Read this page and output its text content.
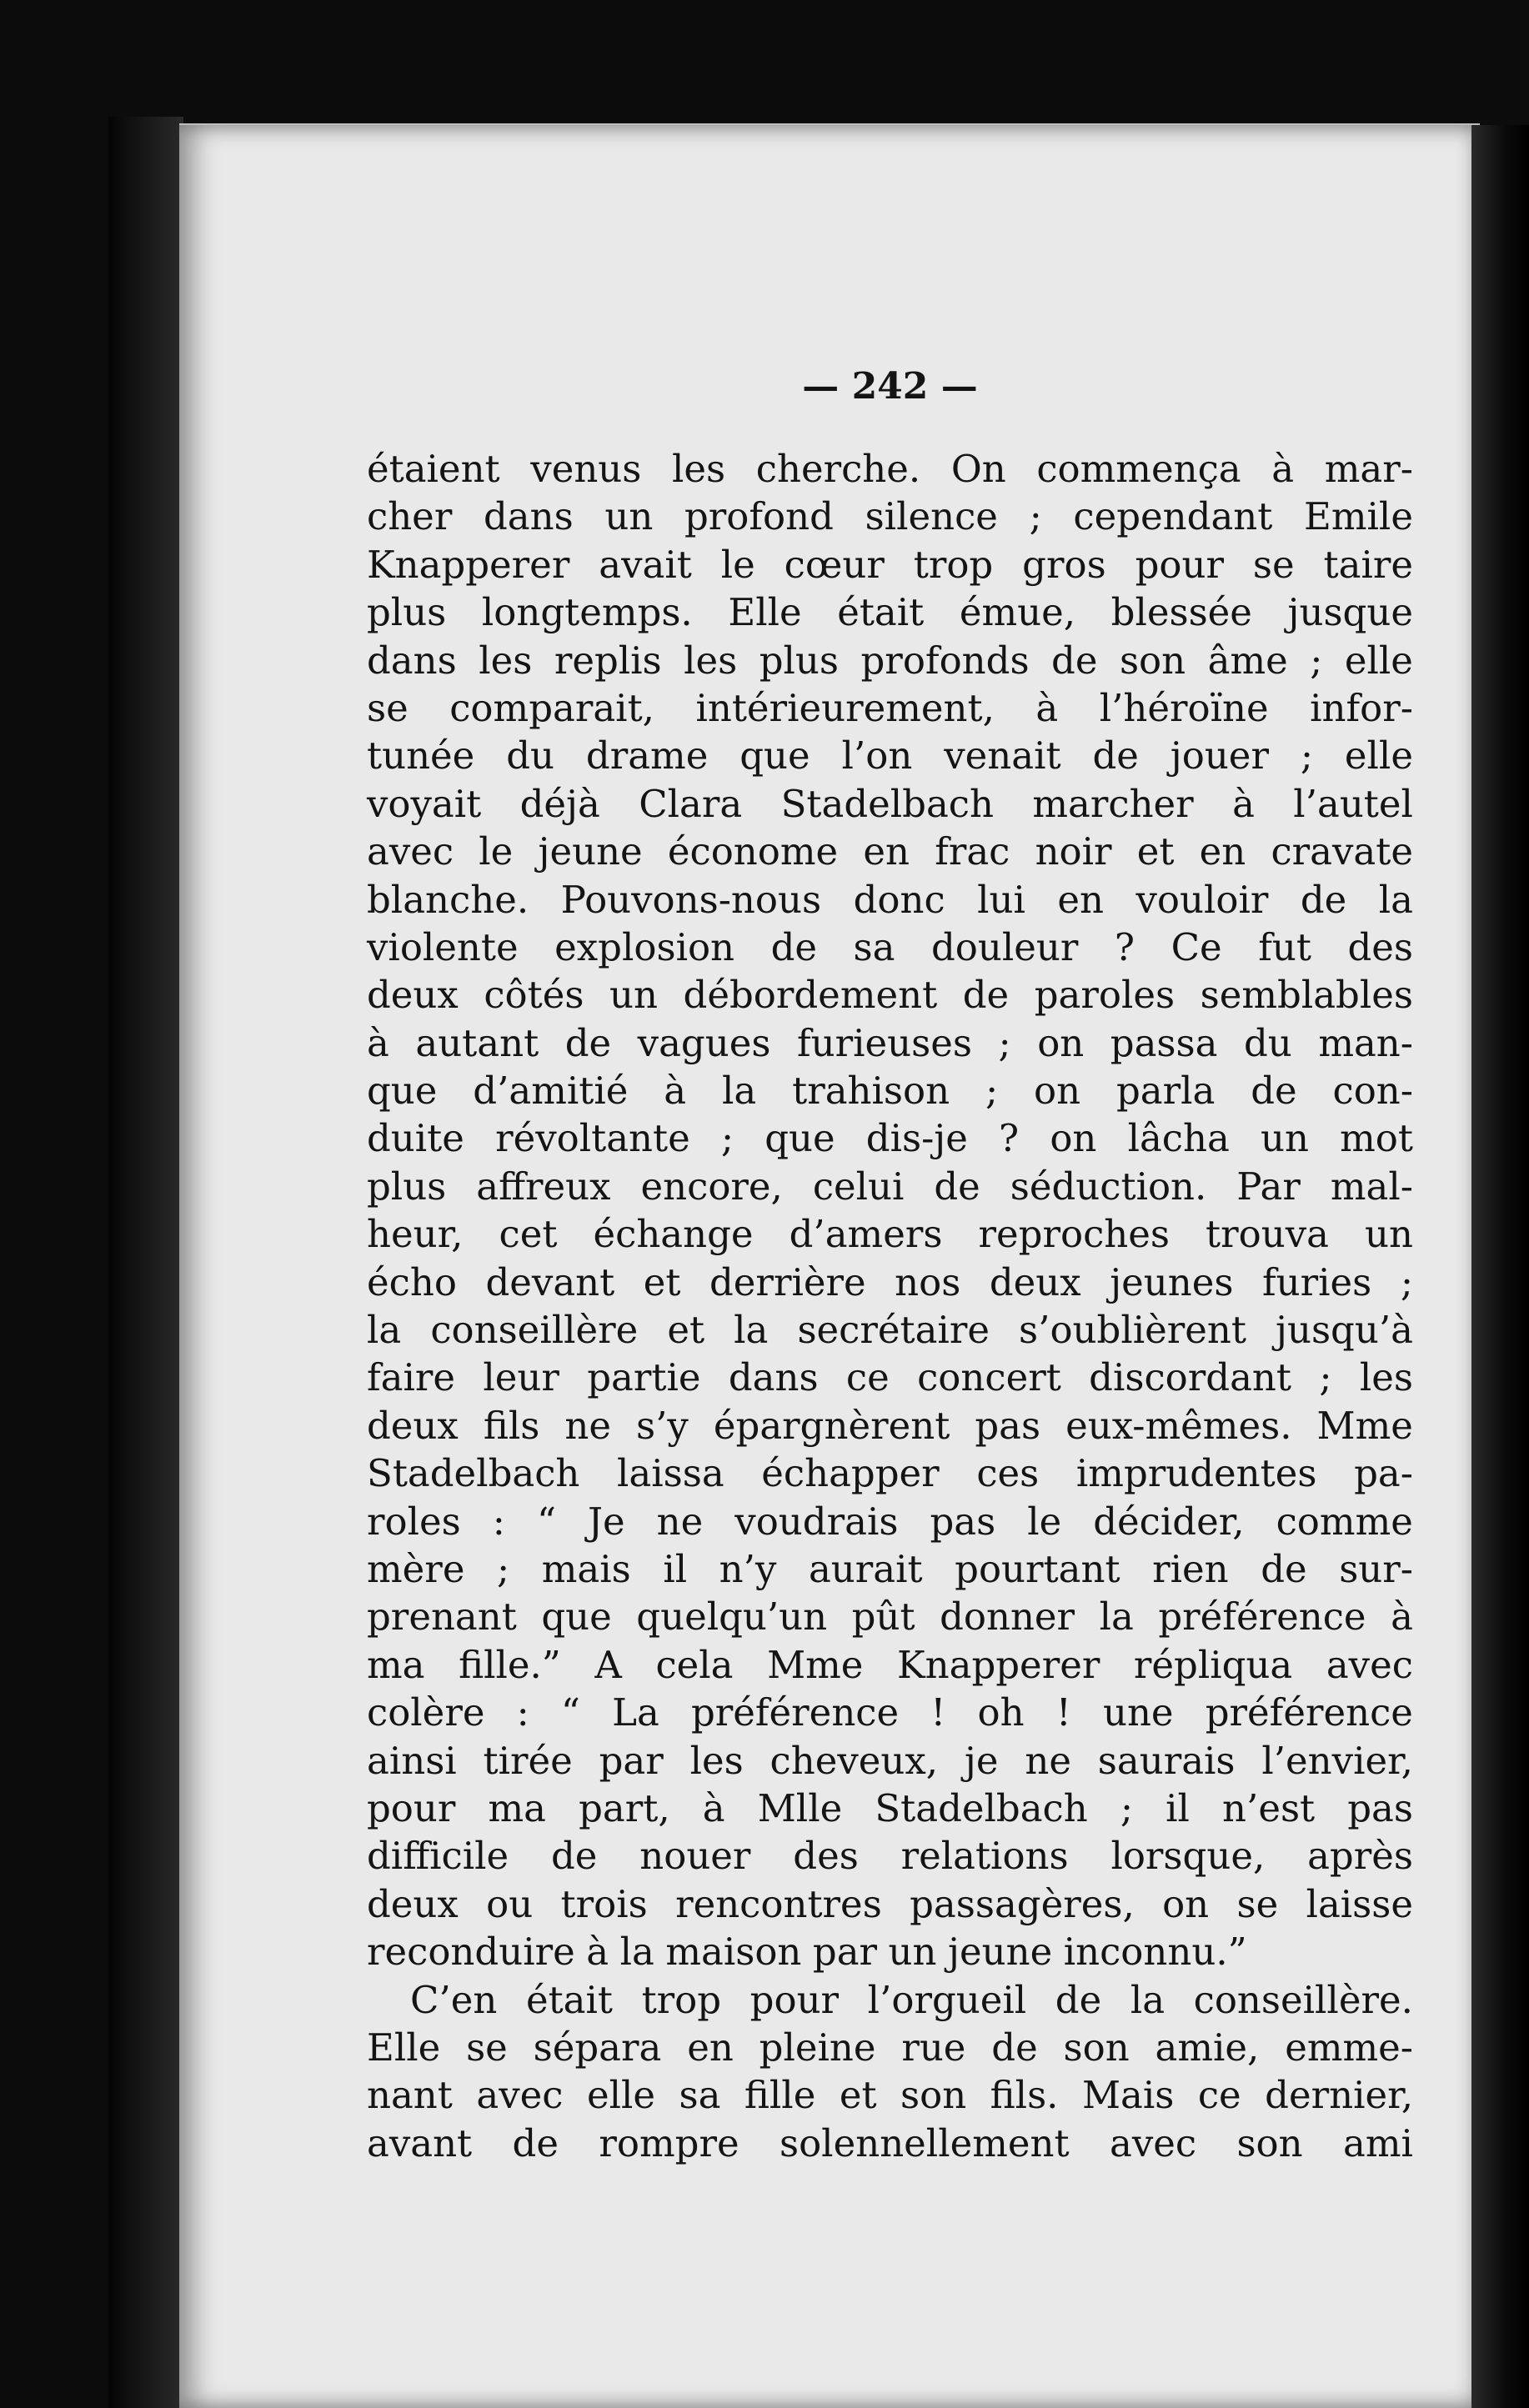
— 242 —
étaient venus les cherche. On commença à mar-
cher dans un profond silence ; cependant Emile
Knapperer avait le cœur trop gros pour se taire
plus longtemps. Elle était émue, blessée jusque
dans les replis les plus profonds de son âme ; elle
se comparait, intérieurement, à l’héroïne infor-
tunée du drame que l’on venait de jouer ; elle
voyait déjà Clara Stadelbach marcher à l’autel
avec le jeune économe en frac noir et en cravate
blanche. Pouvons-nous donc lui en vouloir de la
violente explosion de sa douleur ? Ce fut des
deux côtés un débordement de paroles semblables
à autant de vagues furieuses ; on passa du man-
que d’amitié à la trahison ; on parla de con-
duite révoltante ; que dis-je ? on lâcha un mot
plus affreux encore, celui de séduction. Par mal-
heur, cet échange d’amers reproches trouva un
écho devant et derrière nos deux jeunes furies ;
la conseillère et la secrétaire s’oublièrent jusqu’à
faire leur partie dans ce concert discordant ; les
deux fils ne s’y épargnèrent pas eux-mêmes. Mme
Stadelbach laissa échapper ces imprudentes pa-
roles : “ Je ne voudrais pas le décider, comme
mère ; mais il n’y aurait pourtant rien de sur-
prenant que quelqu’un pût donner la préférence à
ma fille.” A cela Mme Knapperer répliqua avec
colère : “ La préférence ! oh ! une préférence
ainsi tirée par les cheveux, je ne saurais l’envier,
pour ma part, à Mlle Stadelbach ; il n’est pas
difficile de nouer des relations lorsque, après
deux ou trois rencontres passagères, on se laisse
reconduire à la maison par un jeune inconnu.”
C’en était trop pour l’orgueil de la conseillère.
Elle se sépara en pleine rue de son amie, emme-
nant avec elle sa fille et son fils. Mais ce dernier,
avant de rompre solennellement avec son ami
